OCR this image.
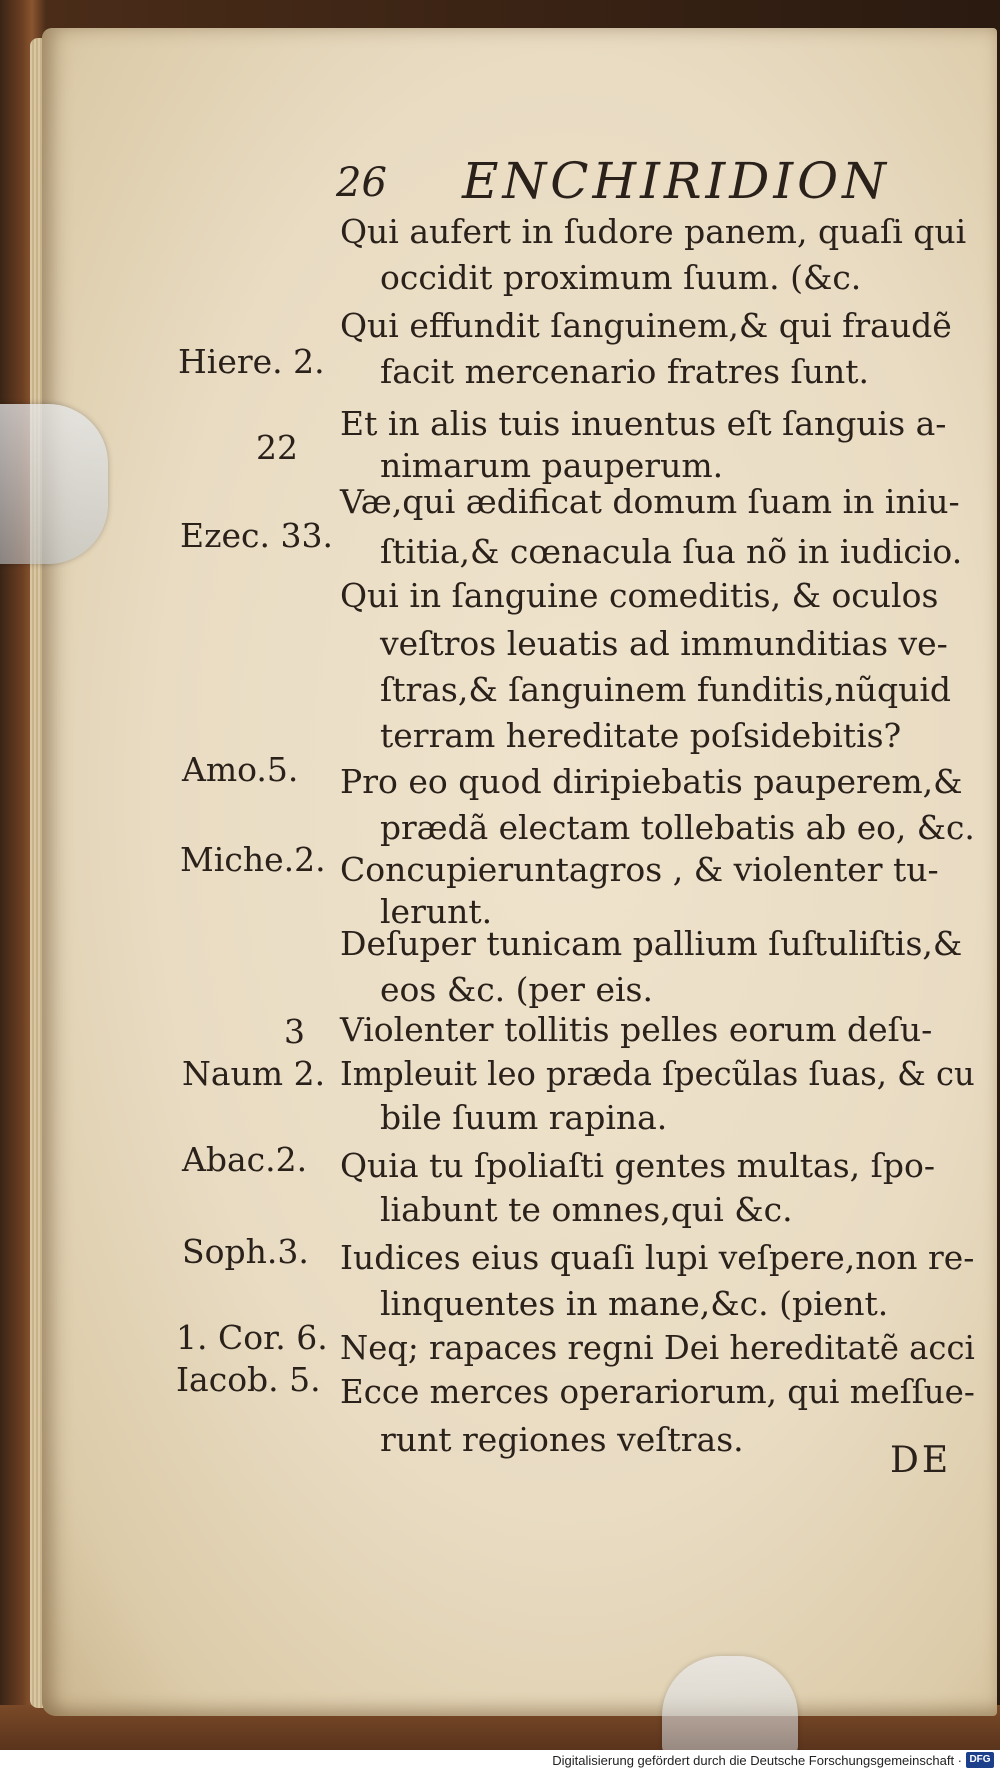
26 ENCHIRIDION
Qui aufert in ſudore panem, quaſi qui
occidit proximum ſuum. (&c.
Qui effundit ſanguinem,& qui fraudẽ
facit mercenario fratres ſunt.
Et in alis tuis inuentus eſt ſanguis a-
nimarum pauperum.
Væ,qui ædificat domum ſuam in iniu-
ſtitia,& cœnacula ſua nõ in iudicio.
Qui in ſanguine comeditis, & oculos
veſtros leuatis ad immunditias ve-
ſtras,& ſanguinem funditis,nũquid
terram hereditate poſsidebitis?
Pro eo quod diripiebatis pauperem,&
prædã electam tollebatis ab eo, &c.
Concupieruntagros , & violenter tu-
lerunt.
Deſuper tunicam pallium ſuſtuliſtis,&
eos &c. (per eis.
Violenter tollitis pelles eorum deſu-
Impleuit leo præda ſpecũlas ſuas, & cu
bile ſuum rapina.
Quia tu ſpoliaſti gentes multas, ſpo-
liabunt te omnes,qui &c.
Iudices eius quaſi lupi veſpere,non re-
linquentes in mane,&c. (pient.
Neq; rapaces regni Dei hereditatẽ acci
Ecce merces operariorum, qui meſſue-
runt regiones veſtras.
Hiere. 2.
22
Ezec. 33.
Amo.5.
Miche.2.
3
Naum 2.
Abac.2.
Soph.3.
1. Cor. 6.
Iacob. 5.
DE
Digitalisierung gefördert durch die Deutsche Forschungsgemeinschaft · DFG
